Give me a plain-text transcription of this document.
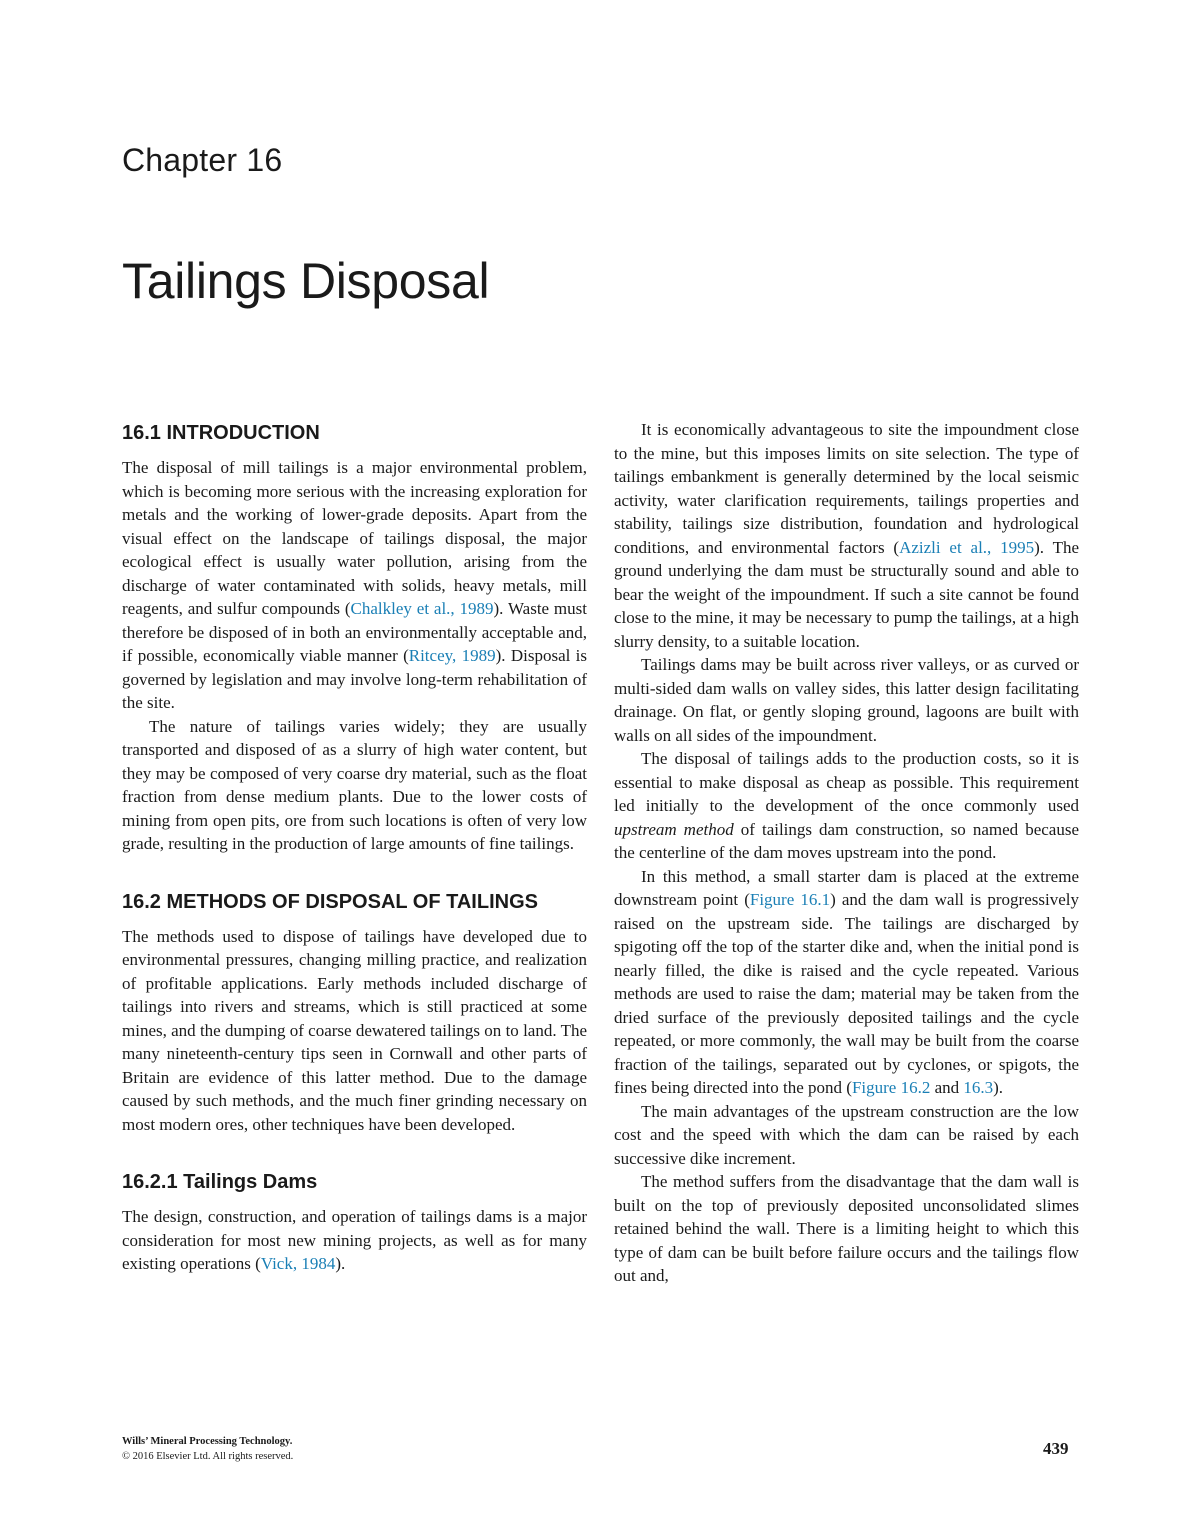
Chapter 16
Tailings Disposal
16.1 INTRODUCTION

The disposal of mill tailings is a major environmental problem, which is becoming more serious with the increasing exploration for metals and the working of lower-grade deposits. Apart from the visual effect on the landscape of tailings disposal, the major ecological effect is usually water pollution, arising from the discharge of water contaminated with solids, heavy metals, mill reagents, and sulfur compounds (Chalkley et al., 1989). Waste must therefore be disposed of in both an environmentally acceptable and, if possible, economically viable manner (Ritcey, 1989). Disposal is governed by legislation and may involve long-term rehabilitation of the site.

The nature of tailings varies widely; they are usually transported and disposed of as a slurry of high water content, but they may be composed of very coarse dry material, such as the float fraction from dense medium plants. Due to the lower costs of mining from open pits, ore from such locations is often of very low grade, resulting in the production of large amounts of fine tailings.

16.2 METHODS OF DISPOSAL OF TAILINGS

The methods used to dispose of tailings have developed due to environmental pressures, changing milling practice, and realization of profitable applications. Early methods included discharge of tailings into rivers and streams, which is still practiced at some mines, and the dumping of coarse dewatered tailings on to land. The many nineteenth-century tips seen in Cornwall and other parts of Britain are evidence of this latter method. Due to the damage caused by such methods, and the much finer grinding necessary on most modern ores, other techniques have been developed.

16.2.1 Tailings Dams

The design, construction, and operation of tailings dams is a major consideration for most new mining projects, as well as for many existing operations (Vick, 1984).

It is economically advantageous to site the impoundment close to the mine, but this imposes limits on site selection. The type of tailings embankment is generally determined by the local seismic activity, water clarification requirements, tailings properties and stability, tailings size distribution, foundation and hydrological conditions, and environmental factors (Azizli et al., 1995). The ground underlying the dam must be structurally sound and able to bear the weight of the impoundment. If such a site cannot be found close to the mine, it may be necessary to pump the tailings, at a high slurry density, to a suitable location.

Tailings dams may be built across river valleys, or as curved or multi-sided dam walls on valley sides, this latter design facilitating drainage. On flat, or gently sloping ground, lagoons are built with walls on all sides of the impoundment.

The disposal of tailings adds to the production costs, so it is essential to make disposal as cheap as possible. This requirement led initially to the development of the once commonly used upstream method of tailings dam construction, so named because the centerline of the dam moves upstream into the pond.

In this method, a small starter dam is placed at the extreme downstream point (Figure 16.1) and the dam wall is progressively raised on the upstream side. The tailings are discharged by spigoting off the top of the starter dike and, when the initial pond is nearly filled, the dike is raised and the cycle repeated. Various methods are used to raise the dam; material may be taken from the dried surface of the previously deposited tailings and the cycle repeated, or more commonly, the wall may be built from the coarse fraction of the tailings, separated out by cyclones, or spigots, the fines being directed into the pond (Figure 16.2 and 16.3).

The main advantages of the upstream construction are the low cost and the speed with which the dam can be raised by each successive dike increment.

The method suffers from the disadvantage that the dam wall is built on the top of previously deposited unconsolidated slimes retained behind the wall. There is a limiting height to which this type of dam can be built before failure occurs and the tailings flow out and,

Wills’ Mineral Processing Technology.
© 2016 Elsevier Ltd. All rights reserved.	439
